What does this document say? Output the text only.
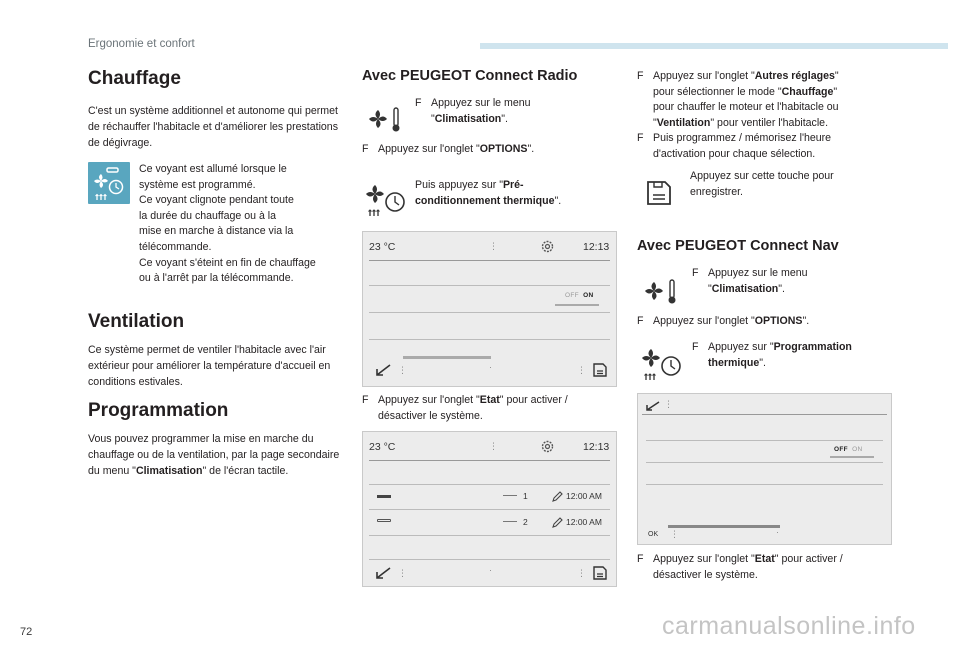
Ergonomie et confort
72	carmanualsonline.info
Chauffage
C'est un système additionnel et autonome qui permet de réchauffer l'habitacle et d'améliorer les prestations de dégivrage.
Ce voyant est allumé lorsque le
système est programmé.
Ce voyant clignote pendant toute
la durée du chauffage ou à la
mise en marche à distance via la
télécommande.
Ce voyant s'éteint en fin de chauffage
ou à l'arrêt par la télécommande.
Ventilation
Ce système permet de ventiler l'habitacle avec l'air extérieur pour améliorer la température d'accueil en conditions estivales.
Programmation
Vous pouvez programmer la mise en marche du chauffage ou de la ventilation, par la page secondaire du menu "Climatisation" de l'écran tactile.
Avec PEUGEOT Connect Radio
F Appuyez sur le menu
"Climatisation".
F Appuyez sur l'onglet "OPTIONS".
Puis appuyez sur "Pré-
conditionnement thermique".
23 °C	⋮	12:13
OFF ON
⋮	·	⋮
F Appuyez sur l'onglet "Etat" pour activer /
désactiver le système.
23 °C	⋮	12:13
1	12:00 AM
2	12:00 AM
⋮	·	⋮
F Appuyez sur l'onglet "Autres réglages"
pour sélectionner le mode "Chauffage"
pour chauffer le moteur et l'habitacle ou
"Ventilation" pour ventiler l'habitacle.
F Puis programmez / mémorisez l'heure
d'activation pour chaque sélection.
Appuyez sur cette touche pour
enregistrer.
Avec PEUGEOT Connect Nav
F Appuyez sur le menu
"Climatisation".
F Appuyez sur l'onglet "OPTIONS".
F Appuyez sur "Programmation
thermique".
⋮
OFF ON
OK ⋮	·
F Appuyez sur l'onglet "Etat" pour activer /
désactiver le système.
